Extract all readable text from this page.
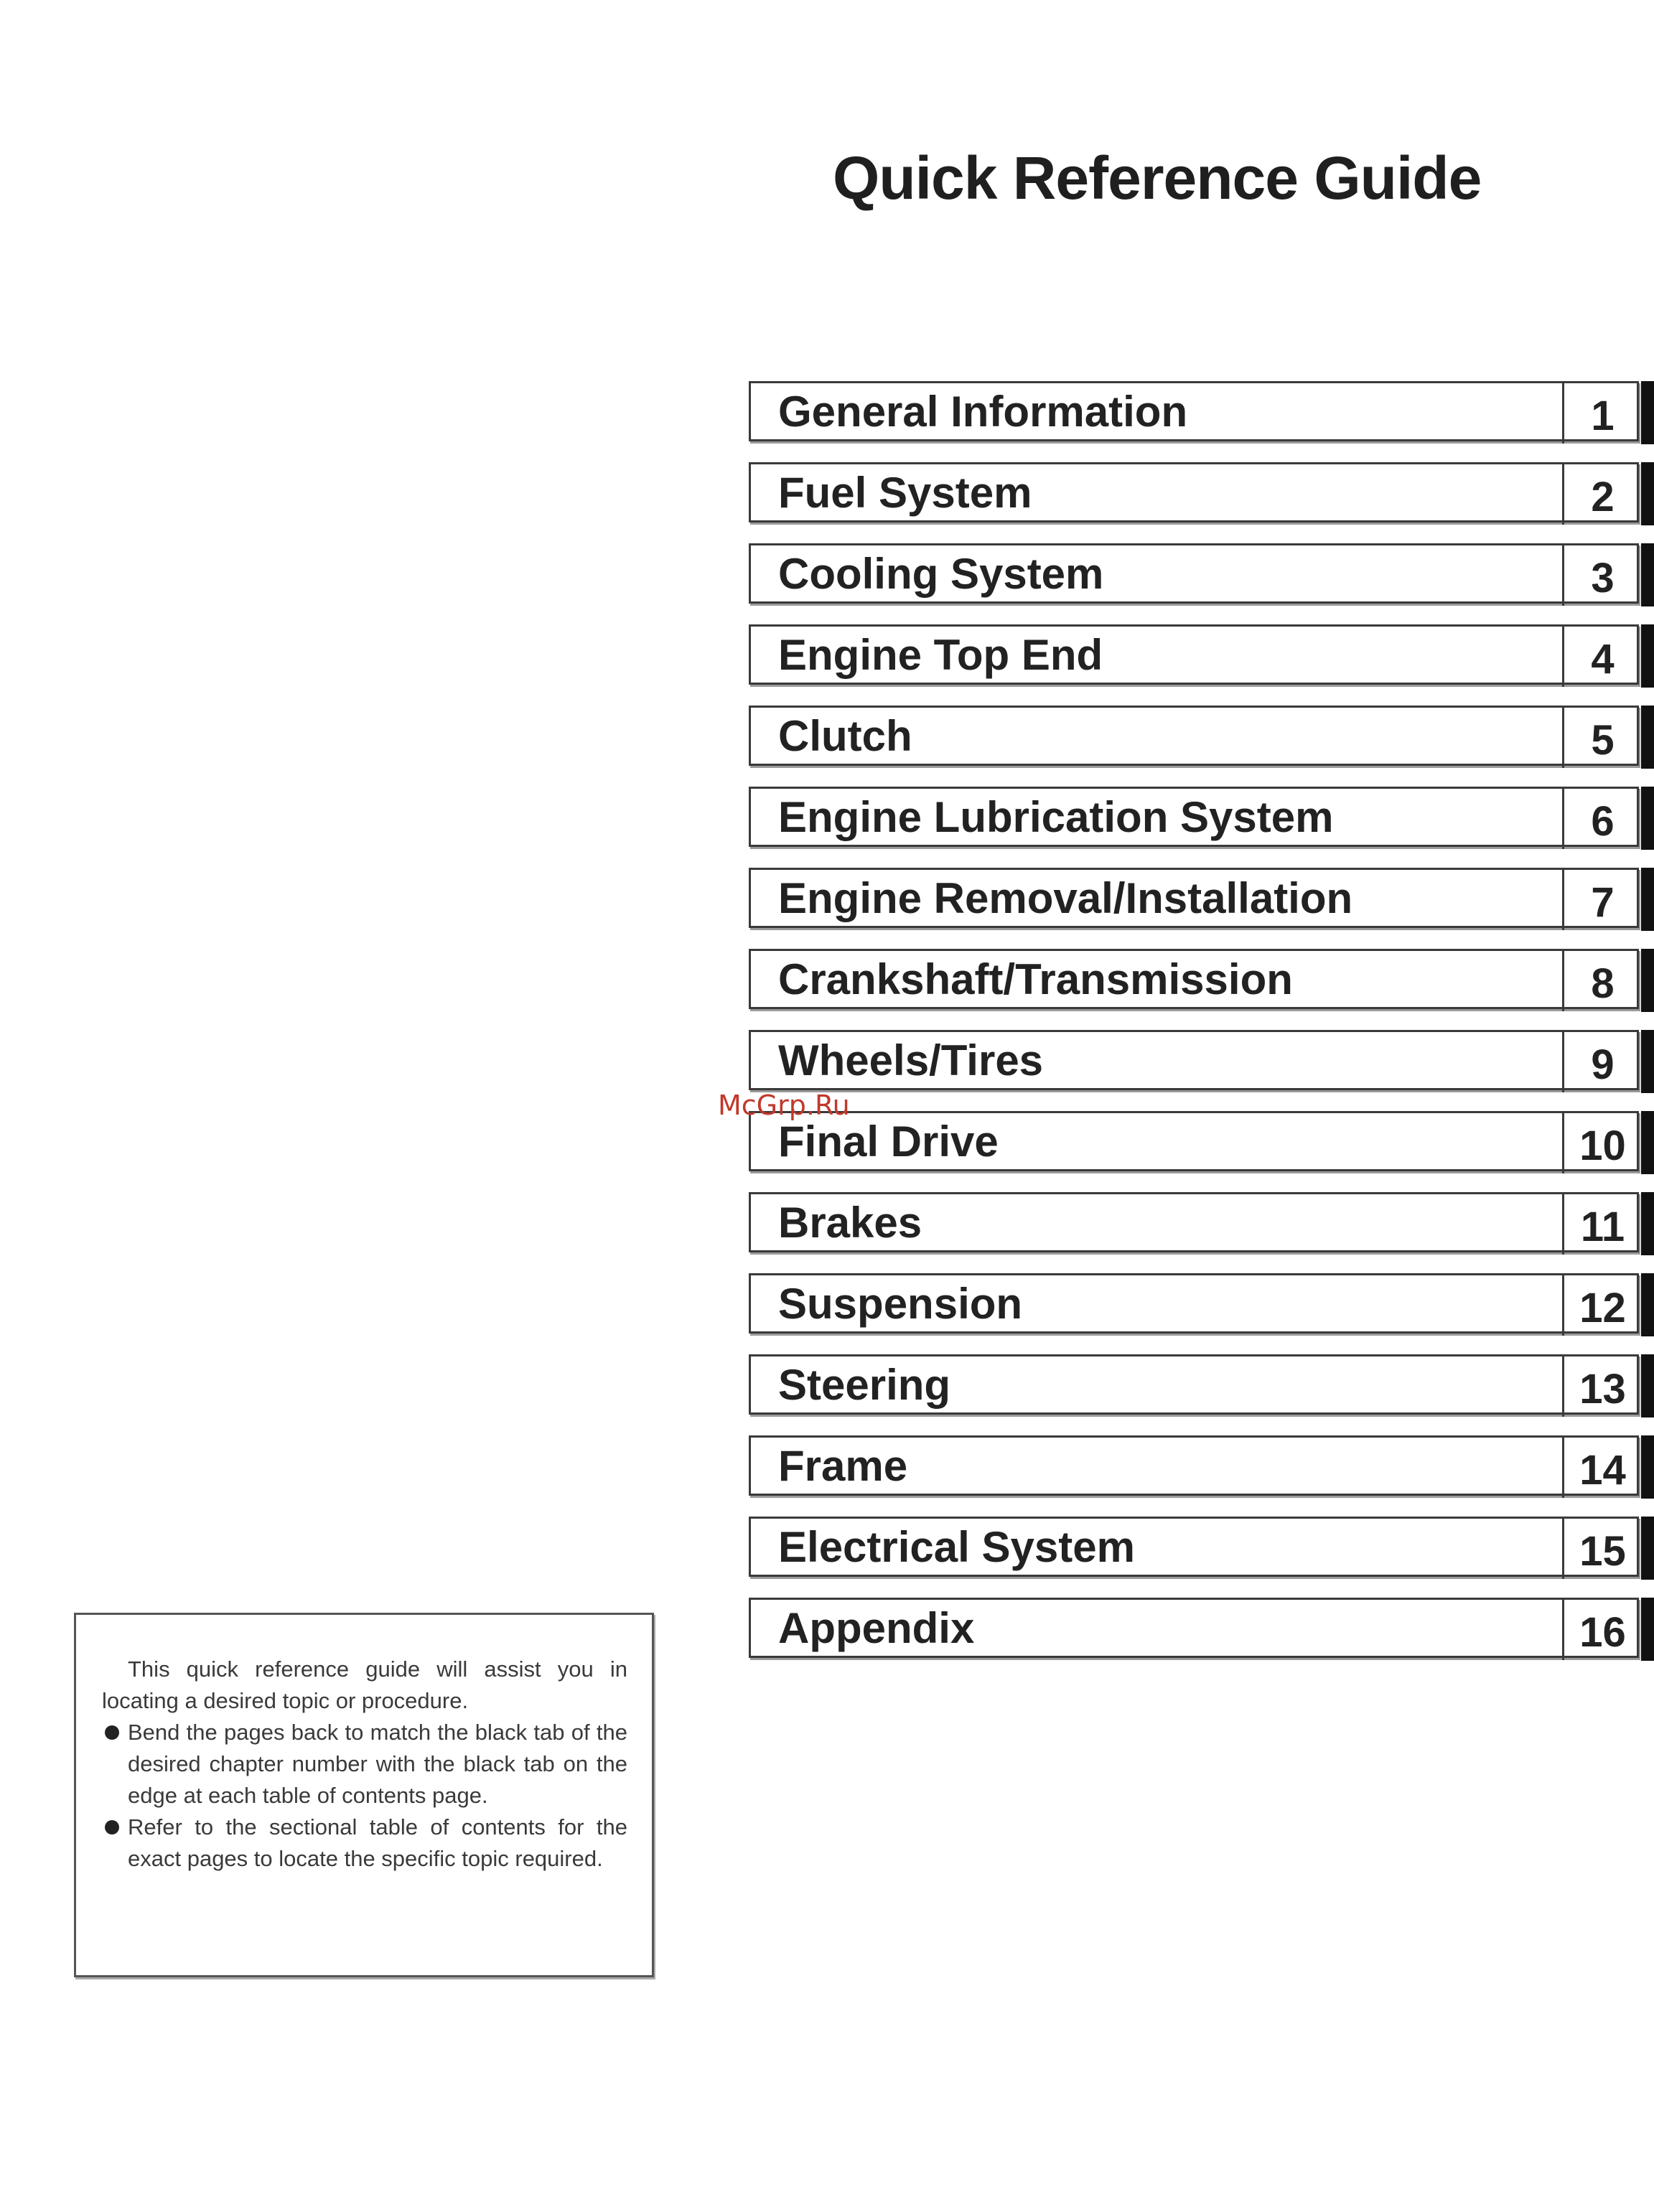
Quick Reference Guide
General Information	1
Fuel System	2
Cooling System	3
Engine Top End	4
Clutch	5
Engine Lubrication System	6
Engine Removal/Installation	7
Crankshaft/Transmission	8
Wheels/Tires	9
Final Drive	10
Brakes	11
Suspension	12
Steering	13
Frame	14
Electrical System	15
Appendix	16
McGrp.Ru

This quick reference guide will assist you in locating a desired topic or procedure.

Bend the pages back to match the black tab of the desired chapter number with the black tab on the edge at each table of contents page.

Refer to the sectional table of contents for the exact pages to locate the specific topic required.
